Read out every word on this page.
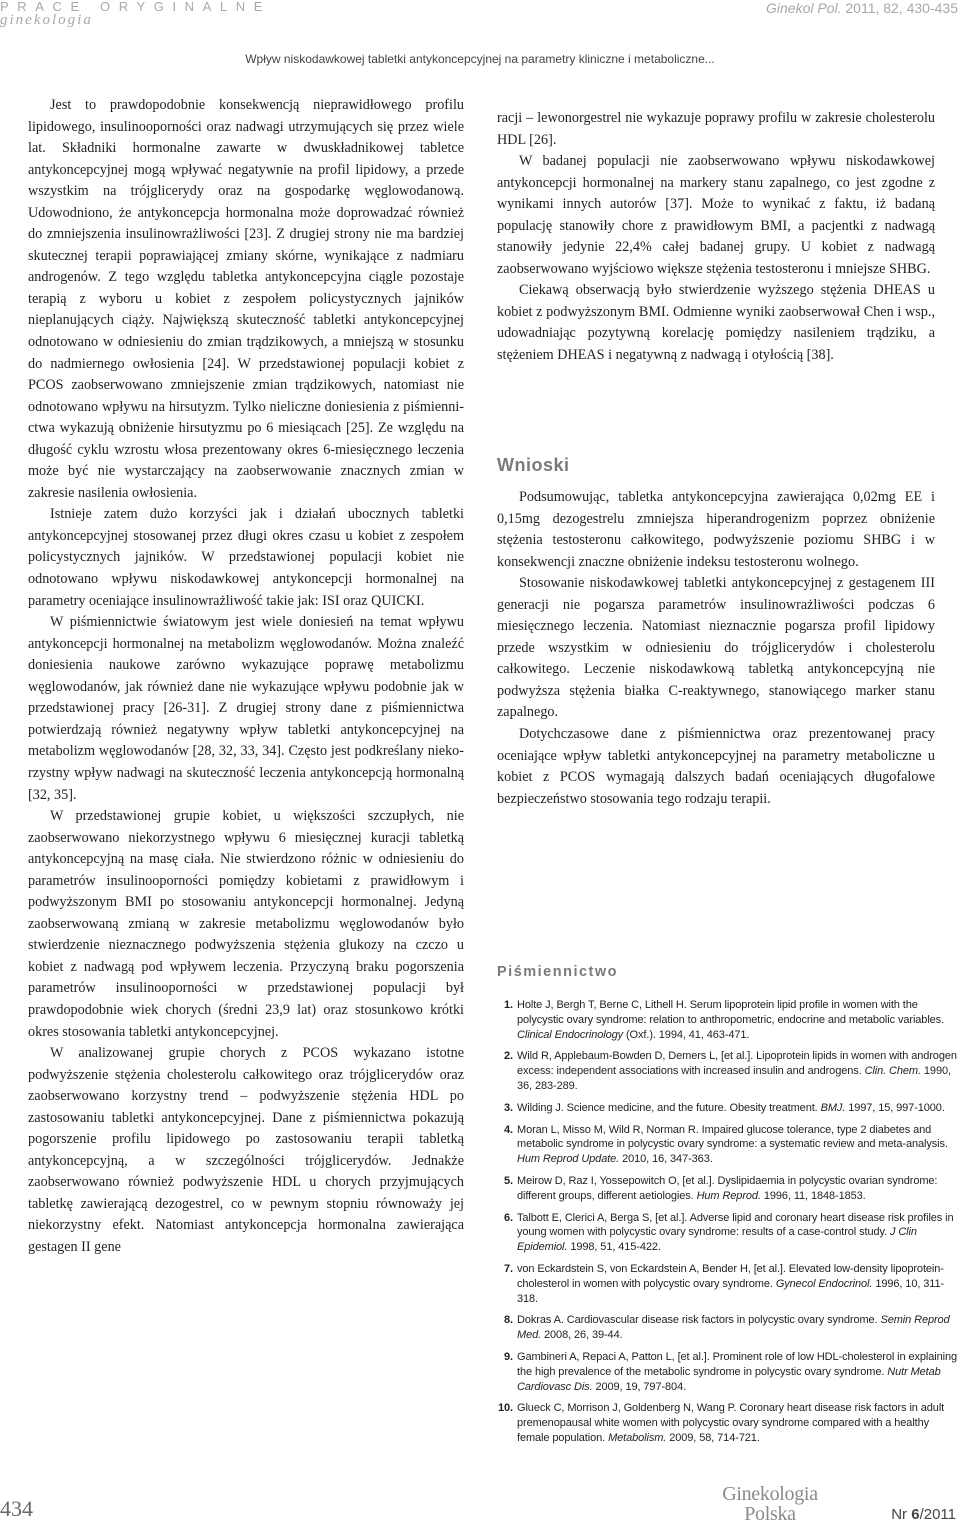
PRACE ORYGINALNE
ginekologia
Ginekol Pol. 2011, 82, 430-435
Wpływ niskodawkowej tabletki antykoncepcyjnej na parametry kliniczne i metaboliczne...

Jest to prawdopodobnie konsekwencją nieprawidłowego profilu lipidowego, insulinooporności oraz nadwagi utrzymujących się przez wiele lat. Składniki hormonalne zawarte w dwuskładnikowej tabletce antykoncepcyjnej mogą wpływać negatywnie na profil lipidowy, a przede wszystkim na trójglicerydy oraz na gospodarkę węglowodanową. Udowodniono, że antykoncepcja hormonalna może doprowadzać również do zmniejszenia insulinowrażliwości [23]. Z drugiej strony nie ma bardziej skutecznej terapii poprawiającej zmiany skórne, wynikające z nadmiaru androgenów. Z tego względu tabletka antykoncepcyjna ciągle pozostaje terapią z wyboru u kobiet z zespołem policystycznych jajników nieplanujących ciąży. Największą skuteczność tabletki antykoncepcyjnej odnotowano w odniesieniu do zmian trądzikowych, a mniejszą w stosunku do nadmiernego owłosienia [24]. W przedstawionej populacji kobiet z PCOS zaobserwowano zmniejszenie zmian trądzikowych, natomiast nie odnotowano wpływu na hirsutyzm. Tylko nieliczne doniesienia z piśmiennictwa wykazują obniżenie hirsutyzmu po 6 miesiącach [25]. Ze względu na długość cyklu wzrostu włosa prezentowany okres 6-miesięcznego leczenia może być nie wystarczający na zaobserwowanie znacznych zmian w zakresie nasilenia owłosienia.

Istnieje zatem dużo korzyści jak i działań ubocznych tabletki antykoncepcyjnej stosowanej przez długi okres czasu u kobiet z zespołem policystycznych jajników. W przedstawionej populacji kobiet nie odnotowano wpływu niskodawkowej antykoncepcji hormonalnej na parametry oceniające insulinowrażliwość takie jak: ISI oraz QUICKI.

W piśmiennictwie światowym jest wiele doniesień na temat wpływu antykoncepcji hormonalnej na metabolizm węglowodanów. Można znaleźć doniesienia naukowe zarówno wykazujące poprawę metabolizmu węglowodanów, jak również dane nie wykazujące wpływu podobnie jak w przedstawionej pracy [26-31]. Z drugiej strony dane z piśmiennictwa potwierdzają również negatywny wpływ tabletki antykoncepcyjnej na metabolizm węglowodanów [28, 32, 33, 34]. Często jest podkreślany niekorzystny wpływ nadwagi na skuteczność leczenia antykoncepcją hormonalną [32, 35].

W przedstawionej grupie kobiet, u większości szczupłych, nie zaobserwowano niekorzystnego wpływu 6 miesięcznej kuracji tabletką antykoncepcyjną na masę ciała. Nie stwierdzono różnic w odniesieniu do parametrów insulinooporności pomiędzy kobietami z prawidłowym i podwyższonym BMI po stosowaniu antykoncepcji hormonalnej. Jedyną zaobserwowaną zmianą w zakresie metabolizmu węglowodanów było stwierdzenie nieznacznego podwyższenia stężenia glukozy na czczo u kobiet z nadwagą pod wpływem leczenia. Przyczyną braku pogorszenia parametrów insulinooporności w przedstawionej populacji był prawdopodobnie wiek chorych (średni 23,9 lat) oraz stosunkowo krótki okres stosowania tabletki antykoncepcyjnej.

W analizowanej grupie chorych z PCOS wykazano istotne podwyższenie stężenia cholesterolu całkowitego oraz trójglicerydów oraz zaobserwowano korzystny trend – podwyższenie stężenia HDL po zastosowaniu tabletki antykoncepcyjnej. Dane z piśmiennictwa pokazują pogorszenie profilu lipidowego po zastosowaniu terapii tabletką antykoncepcyjną, a w szczególności trójglicerydów. Jednakże zaobserwowano również podwyższenie HDL u chorych przyjmujących tabletkę zawierającą dezogestrel, co w pewnym stopniu równoważy jej niekorzystny efekt. Natomiast antykoncepcja hormonalna zawierająca gestagen II gene

racji – lewonorgestrel nie wykazuje poprawy profilu w zakresie cholesterolu HDL [26].

W badanej populacji nie zaobserwowano wpływu niskodawkowej antykoncepcji hormonalnej na markery stanu zapalnego, co jest zgodne z wynikami innych autorów [37]. Może to wynikać z faktu, iż badaną populację stanowiły chore z prawidłowym BMI, a pacjentki z nadwagą stanowiły jedynie 22,4% całej badanej grupy. U kobiet z nadwagą zaobserwowano wyjściowo większe stężenia testosteronu i mniejsze SHBG.

Ciekawą obserwacją było stwierdzenie wyższego stężenia DHEAS u kobiet z podwyższonym BMI. Odmienne wyniki zaobserwował Chen i wsp., udowadniając pozytywną korelację pomiędzy nasileniem trądziku, a stężeniem DHEAS i negatywną z nadwagą i otyłością [38].

Wnioski

Podsumowując, tabletka antykoncepcyjna zawierająca 0,02mg EE i 0,15mg dezogestrelu zmniejsza hiperandrogenizm poprzez obniżenie stężenia testosteronu całkowitego, podwyższenie poziomu SHBG i w konsekwencji znaczne obniżenie indeksu testosteronu wolnego.

Stosowanie niskodawkowej tabletki antykoncepcyjnej z gestagenem III generacji nie pogarsza parametrów insulinowrażliwości podczas 6 miesięcznego leczenia. Natomiast nieznacznie pogarsza profil lipidowy przede wszystkim w odniesieniu do trójglicerydów i cholesterolu całkowitego. Leczenie niskodawkową tabletką antykoncepcyjną nie podwyższa stężenia białka C-reaktywnego, stanowiącego marker stanu zapalnego.

Dotychczasowe dane z piśmiennictwa oraz prezentowanej pracy oceniające wpływ tabletki antykoncepcyjnej na parametry metaboliczne u kobiet z PCOS wymagają dalszych badań oceniających długofalowe bezpieczeństwo stosowania tego rodzaju terapii.

Piśmiennictwo
1. Holte J, Bergh T, Berne C, Lithell H. Serum lipoprotein lipid profile in women with the polycystic ovary syndrome: relation to anthropometric, endocrine and metabolic variables. Clinical Endocrinology (Oxf.). 1994, 41, 463-471.
2. Wild R, Applebaum-Bowden D, Demers L, [et al.]. Lipoprotein lipids in women with androgen excess: independent associations with increased insulin and androgens. Clin. Chem. 1990, 36, 283-289.
3. Wilding J. Science medicine, and the future. Obesity treatment. BMJ. 1997, 15, 997-1000.
4. Moran L, Misso M, Wild R, Norman R. Impaired glucose tolerance, type 2 diabetes and metabolic syndrome in polycystic ovary syndrome: a systematic review and meta-analysis. Hum Reprod Update. 2010, 16, 347-363.
5. Meirow D, Raz I, Yossepowitch O, [et al.]. Dyslipidaemia in polycystic ovarian syndrome: different groups, different aetiologies. Hum Reprod. 1996, 11, 1848-1853.
6. Talbott E, Clerici A, Berga S, [et al.]. Adverse lipid and coronary heart disease risk profiles in young women with polycystic ovary syndrome: results of a case-control study. J Clin Epidemiol. 1998, 51, 415-422.
7. von Eckardstein S, von Eckardstein A, Bender H, [et al.]. Elevated low-density lipoprotein-cholesterol in women with polycystic ovary syndrome. Gynecol Endocrinol. 1996, 10, 311-318.
8. Dokras A. Cardiovascular disease risk factors in polycystic ovary syndrome. Semin Reprod Med. 2008, 26, 39-44.
9. Gambineri A, Repaci A, Patton L, [et al.]. Prominent role of low HDL-cholesterol in explaining the high prevalence of the metabolic syndrome in polycystic ovary syndrome. Nutr Metab Cardiovasc Dis. 2009, 19, 797-804.
10. Glueck C, Morrison J, Goldenberg N, Wang P. Coronary heart disease risk factors in adult premenopausal white women with polycystic ovary syndrome compared with a healthy female population. Metabolism. 2009, 58, 714-721.
434
Ginekologia
Polska	Nr 6/2011
